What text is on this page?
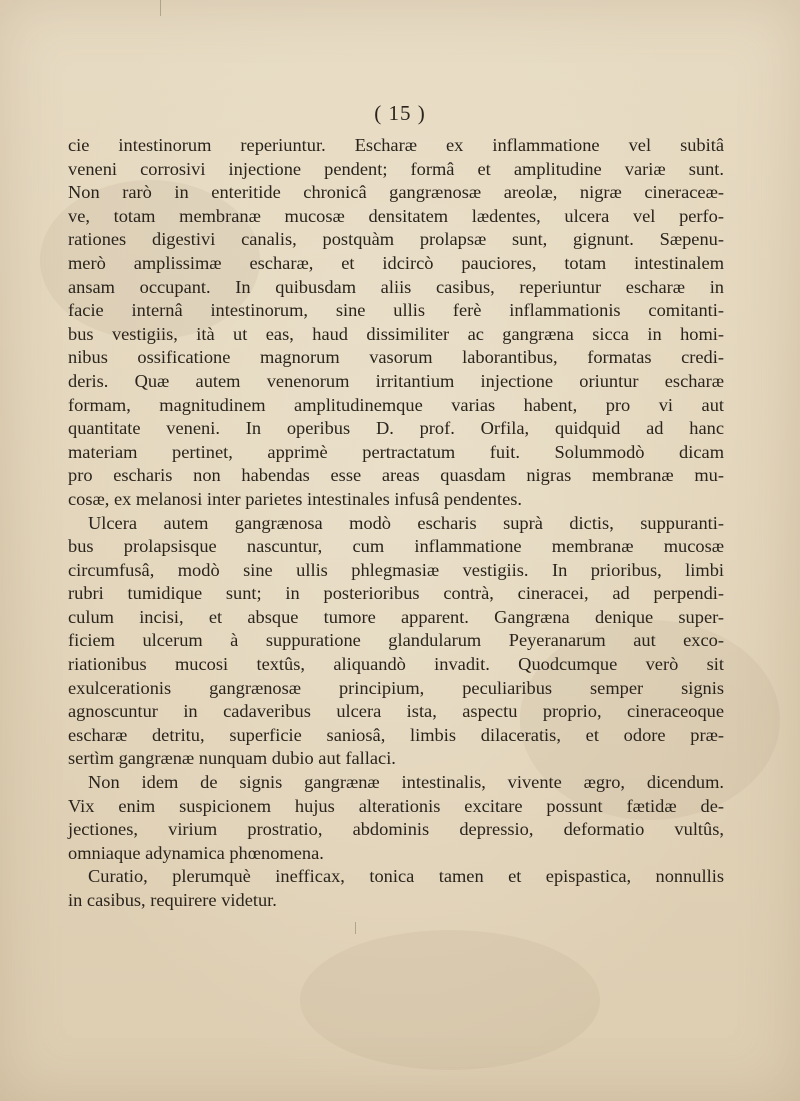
( 15 )
cie intestinorum reperiuntur. Escharæ ex inflammatione vel subitâ
veneni corrosivi injectione pendent; formâ et amplitudine variæ sunt.
Non rarò in enteritide chronicâ gangrænosæ areolæ, nigræ cineraceæ-
ve, totam membranæ mucosæ densitatem lædentes, ulcera vel perfo-
rationes digestivi canalis, postquàm prolapsæ sunt, gignunt. Sæpenu-
merò amplissimæ escharæ, et idcircò pauciores, totam intestinalem
ansam occupant. In quibusdam aliis casibus, reperiuntur escharæ in
facie internâ intestinorum, sine ullis ferè inflammationis comitanti-
bus vestigiis, ità ut eas, haud dissimiliter ac gangræna sicca in homi-
nibus ossificatione magnorum vasorum laborantibus, formatas credi-
deris. Quæ autem venenorum irritantium injectione oriuntur escharæ
formam, magnitudinem amplitudinemque varias habent, pro vi aut
quantitate veneni. In operibus D. prof. Orfila, quidquid ad hanc
materiam pertinet, apprimè pertractatum fuit. Solummodò dicam
pro escharis non habendas esse areas quasdam nigras membranæ mu-
cosæ, ex melanosi inter parietes intestinales infusâ pendentes.
Ulcera autem gangrænosa modò escharis suprà dictis, suppuranti-
bus prolapsisque nascuntur, cum inflammatione membranæ mucosæ
circumfusâ, modò sine ullis phlegmasiæ vestigiis. In prioribus, limbi
rubri tumidique sunt; in posterioribus contrà, cineracei, ad perpendi-
culum incisi, et absque tumore apparent. Gangræna denique super-
ficiem ulcerum à suppuratione glandularum Peyeranarum aut exco-
riationibus mucosi textûs, aliquandò invadit. Quodcumque verò sit
exulcerationis gangrænosæ principium, peculiaribus semper signis
agnoscuntur in cadaveribus ulcera ista, aspectu proprio, cineraceoque
escharæ detritu, superficie saniosâ, limbis dilaceratis, et odore præ-
sertìm gangrænæ nunquam dubio aut fallaci.
Non idem de signis gangrænæ intestinalis, vivente ægro, dicendum.
Vix enim suspicionem hujus alterationis excitare possunt fætidæ de-
jectiones, virium prostratio, abdominis depressio, deformatio vultûs,
omniaque adynamica phœnomena.
Curatio, plerumquè inefficax, tonica tamen et epispastica, nonnullis
in casibus, requirere videtur.
